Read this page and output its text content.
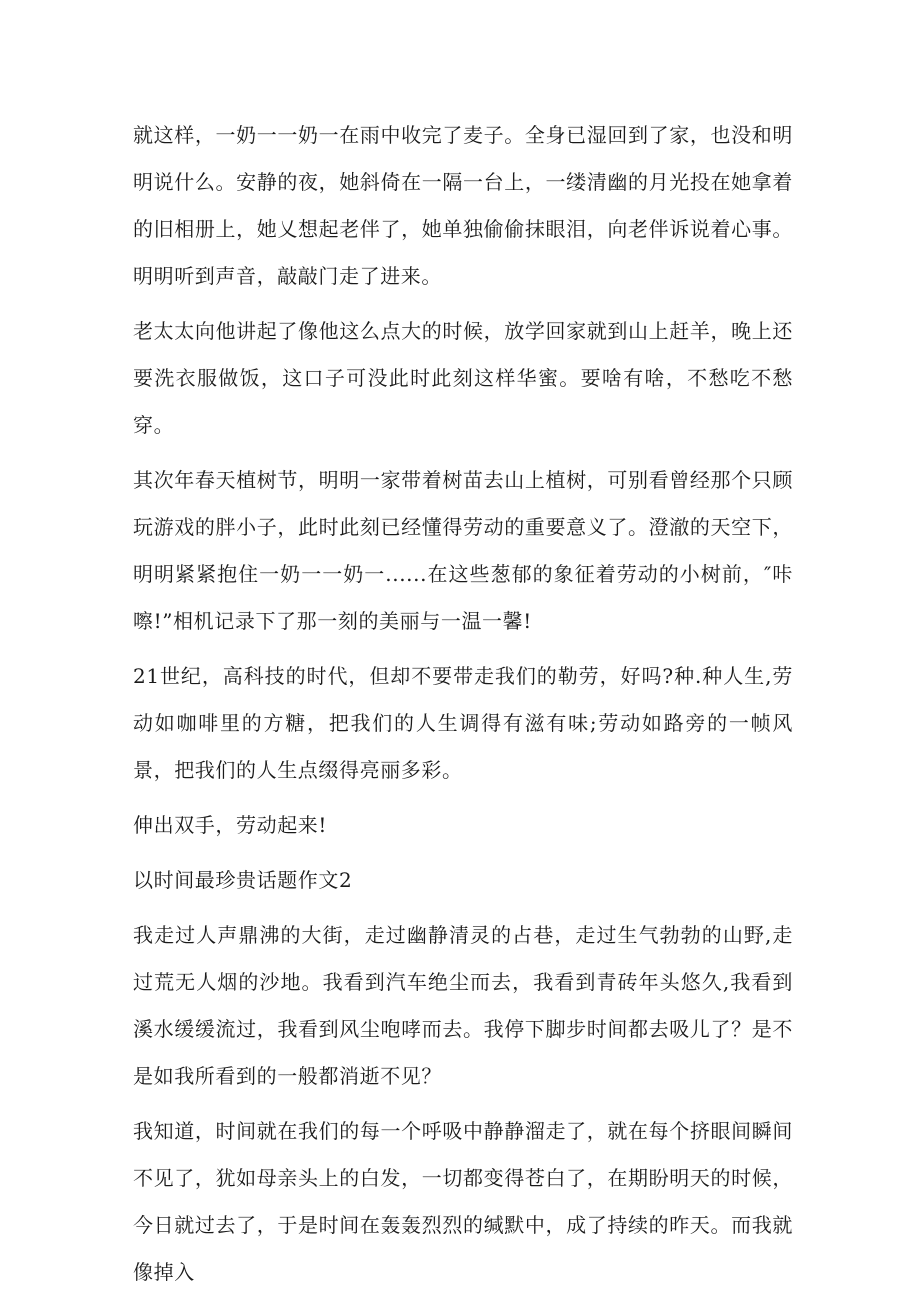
就这样，一奶一一奶一在雨中收完了麦子。全身已湿回到了家，也没和明明说什么。安静的夜，她斜倚在一隔一台上，一缕清幽的月光投在她拿着的旧相册上，她乂想起老伴了，她单独偷偷抹眼泪，向老伴诉说着心事。明明听到声音，敲敲门走了进来。

老太太向他讲起了像他这么点大的时候，放学回家就到山上赶羊，晚上还要洗衣服做饭，这口子可没此时此刻这样华蜜。要啥有啥，不愁吃不愁穿。

其次年春天植树节，明明一家带着树苗去山上植树，可别看曾经那个只顾玩游戏的胖小子，此时此刻已经懂得劳动的重要意义了。澄澈的天空下，明明紧紧抱住一奶一一奶一......在这些葱郁的象征着劳动的小树前，″咔嚓!”相机记录下了那一刻的美丽与一温一馨!

21世纪，高科技的时代，但却不要带走我们的勒劳，好吗?种.种人生,劳动如咖啡里的方糖，把我们的人生调得有滋有味;劳动如路旁的一帧风景，把我们的人生点缀得亮丽多彩。

伸出双手，劳动起来!

以时间最珍贵话题作文2

我走过人声鼎沸的大街，走过幽静清灵的占巷，走过生气勃勃的山野,走过荒无人烟的沙地。我看到汽车绝尘而去，我看到青砖年头悠久,我看到溪水缓缓流过，我看到风尘咆哮而去。我停下脚步时间都去吸儿了？是不是如我所看到的一般都消逝不见？

我知道，时间就在我们的每一个呼吸中静静溜走了，就在每个挤眼间瞬间不见了，犹如母亲头上的白发，一切都变得苍白了，在期盼明天的时候，今日就过去了，于是时间在轰轰烈烈的缄默中，成了持续的昨天。而我就像掉入
